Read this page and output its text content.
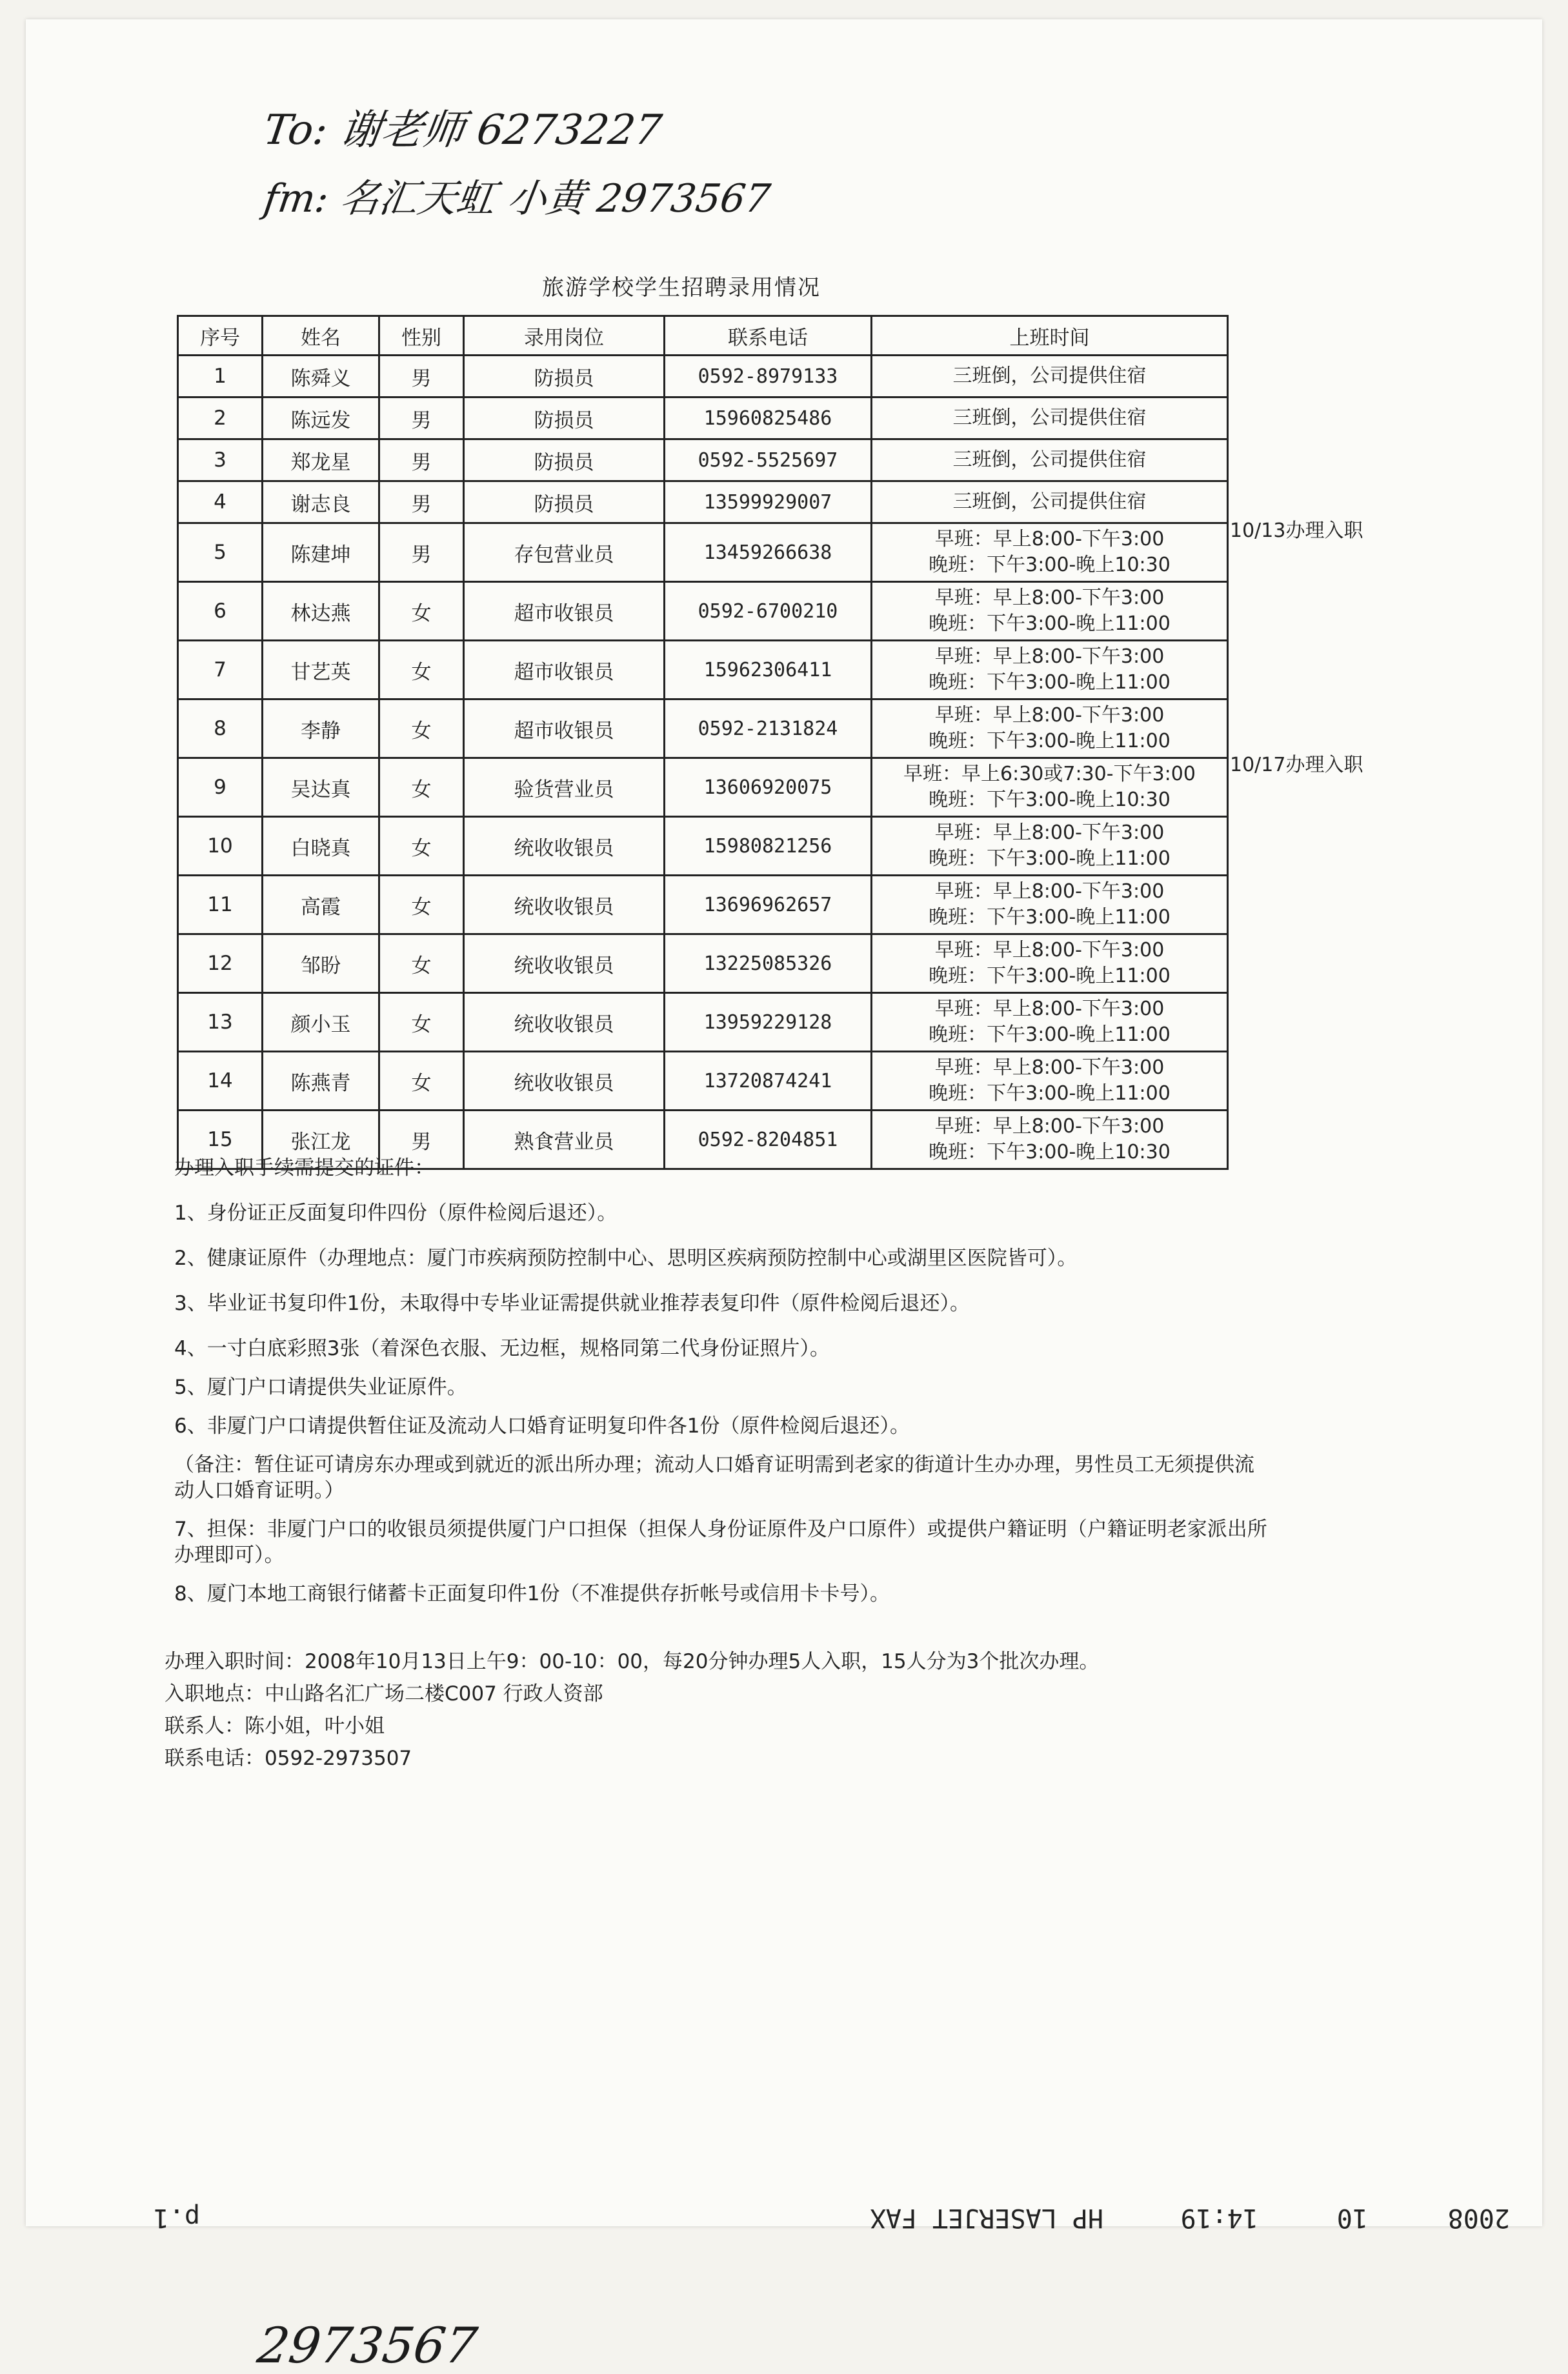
To: 谢老师 6273227
fm: 名汇天虹 小黄 2973567
旅游学校学生招聘录用情况
序号	姓名	性别	录用岗位	联系电话	上班时间
1	陈舜义	男	防损员	0592-8979133	三班倒，公司提供住宿
2	陈远发	男	防损员	15960825486	三班倒，公司提供住宿
3	郑龙星	男	防损员	0592-5525697	三班倒，公司提供住宿
4	谢志良	男	防损员	13599929007	三班倒，公司提供住宿
5	陈建坤	男	存包营业员	13459266638	早班：早上8:00-下午3:00
晚班：下午3:00-晚上10:30
6	林达燕	女	超市收银员	0592-6700210	早班：早上8:00-下午3:00
晚班：下午3:00-晚上11:00
7	甘艺英	女	超市收银员	15962306411	早班：早上8:00-下午3:00
晚班：下午3:00-晚上11:00
8	李静	女	超市收银员	0592-2131824	早班：早上8:00-下午3:00
晚班：下午3:00-晚上11:00
9	吴达真	女	验货营业员	13606920075	早班：早上6:30或7:30-下午3:00
晚班：下午3:00-晚上10:30
10	白晓真	女	统收收银员	15980821256	早班：早上8:00-下午3:00
晚班：下午3:00-晚上11:00
11	高霞	女	统收收银员	13696962657	早班：早上8:00-下午3:00
晚班：下午3:00-晚上11:00
12	邹盼	女	统收收银员	13225085326	早班：早上8:00-下午3:00
晚班：下午3:00-晚上11:00
13	颜小玉	女	统收收银员	13959229128	早班：早上8:00-下午3:00
晚班：下午3:00-晚上11:00
14	陈燕青	女	统收收银员	13720874241	早班：早上8:00-下午3:00
晚班：下午3:00-晚上11:00
15	张江龙	男	熟食营业员	0592-8204851	早班：早上8:00-下午3:00
晚班：下午3:00-晚上10:30
10/13办理入职
10/17办理入职

办理入职手续需提交的证件：

1、身份证正反面复印件四份（原件检阅后退还）。

2、健康证原件（办理地点：厦门市疾病预防控制中心、思明区疾病预防控制中心或湖里区医院皆可）。

3、毕业证书复印件1份，未取得中专毕业证需提供就业推荐表复印件（原件检阅后退还）。

4、一寸白底彩照3张（着深色衣服、无边框，规格同第二代身份证照片）。

5、厦门户口请提供失业证原件。

6、非厦门户口请提供暂住证及流动人口婚育证明复印件各1份（原件检阅后退还）。

（备注：暂住证可请房东办理或到就近的派出所办理；流动人口婚育证明需到老家的街道计生办办理，男性员工无须提供流动人口婚育证明。）

7、担保：非厦门户口的收银员须提供厦门户口担保（担保人身份证原件及户口原件）或提供户籍证明（户籍证明老家派出所办理即可）。

8、厦门本地工商银行储蓄卡正面复印件1份（不准提供存折帐号或信用卡卡号）。

办理入职时间：2008年10月13日上午9：00-10：00，每20分钟办理5人入职，15人分为3个批次办理。
入职地点：中山路名汇广场二楼C007 行政人资部
联系人：陈小姐，叶小姐
联系电话：0592-2973507
2973567
2008
10
14:19
HP LASERJET FAX
p.1
